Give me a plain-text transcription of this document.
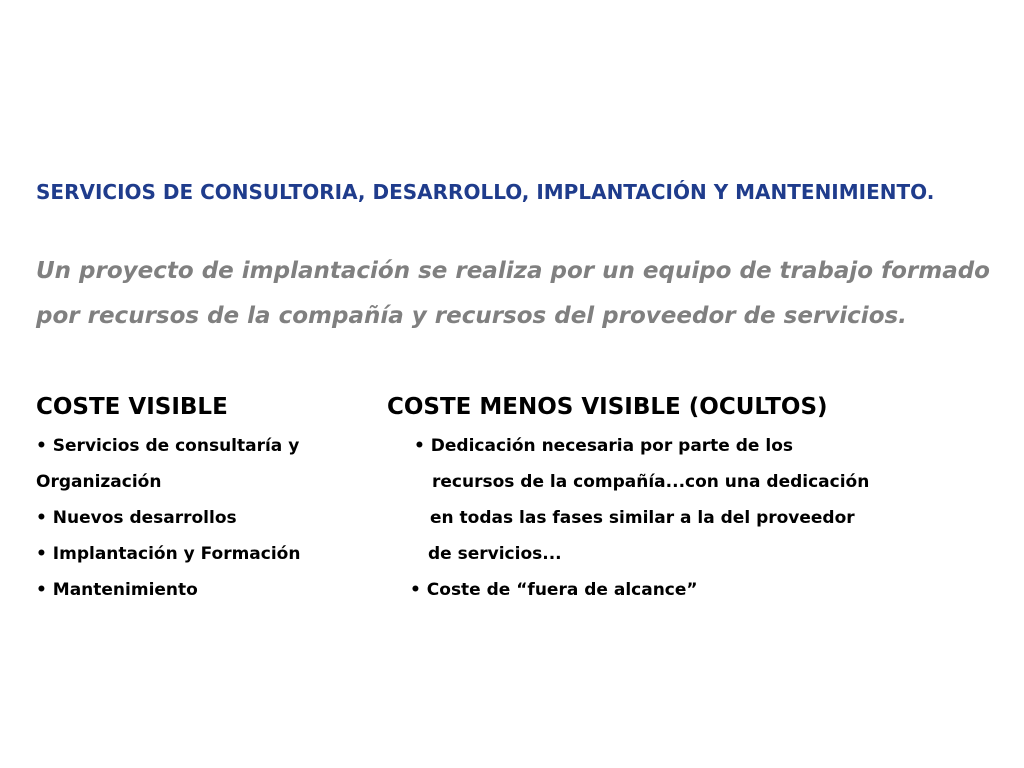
SERVICIOS DE CONSULTORIA, DESARROLLO, IMPLANTACIÓN Y MANTENIMIENTO.

Un proyecto de implantación se realiza por un equipo de trabajo formado por recursos de la compañía y recursos del proveedor de servicios.

COSTE VISIBLE	COSTE MENOS VISIBLE (OCULTOS)
• Servicios de consultaría y
Organización
• Nuevos desarrollos
• Implantación y Formación
• Mantenimiento
• Dedicación necesaria por parte de los
recursos de la compañía...con una dedicación
en todas las fases similar a la del proveedor
de servicios...
• Coste de “fuera de alcance”
